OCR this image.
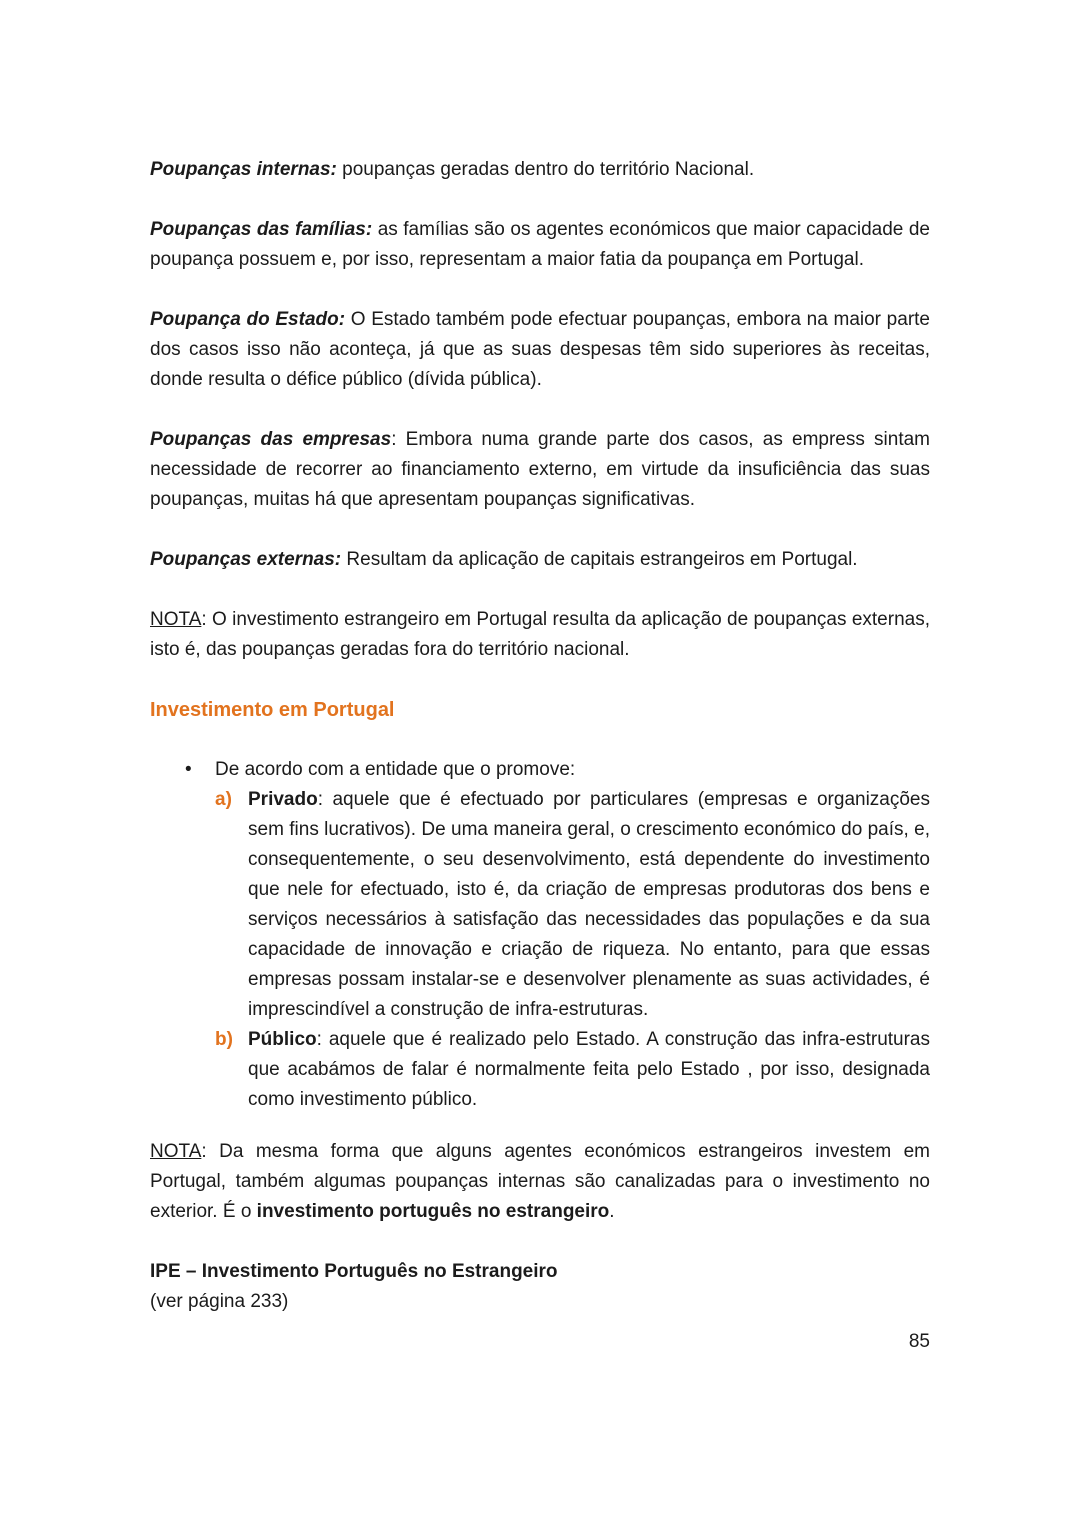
Poupanças internas: poupanças geradas dentro do território Nacional.

Poupanças das famílias: as famílias são os agentes económicos que maior capacidade de poupança possuem e, por isso, representam a maior fatia da poupança em Portugal.

Poupança do Estado: O Estado também pode efectuar poupanças, embora na maior parte dos casos isso não aconteça, já que as suas despesas têm sido superiores às receitas, donde resulta o défice público (dívida pública).

Poupanças das empresas: Embora numa grande parte dos casos, as empress sintam necessidade de recorrer ao financiamento externo, em virtude da insuficiência das suas poupanças, muitas há que apresentam poupanças significativas.

Poupanças externas: Resultam da aplicação de capitais estrangeiros em Portugal.

NOTA: O investimento estrangeiro em Portugal resulta da aplicação de poupanças externas, isto é, das poupanças geradas fora do território nacional.

Investimento em Portugal
•	De acordo com a entidade que o promove:
a) Privado: aquele que é efectuado por particulares (empresas e organizações sem fins lucrativos). De uma maneira geral, o crescimento económico do país, e, consequentemente, o seu desenvolvimento, está dependente do investimento que nele for efectuado, isto é, da criação de empresas produtoras dos bens e serviços necessários à satisfação das necessidades das populações e da sua capacidade de innovação e criação de riqueza. No entanto, para que essas empresas possam instalar-se e desenvolver plenamente as suas actividades, é imprescindível a construção de infra-estruturas.
b) Público: aquele que é realizado pelo Estado. A construção das infra-estruturas que acabámos de falar é normalmente feita pelo Estado , por isso, designada como investimento público.

NOTA: Da mesma forma que alguns agentes económicos estrangeiros investem em Portugal, também algumas poupanças internas são canalizadas para o investimento no exterior. É o investimento português no estrangeiro.

IPE – Investimento Português no Estrangeiro
(ver página 233)
85
